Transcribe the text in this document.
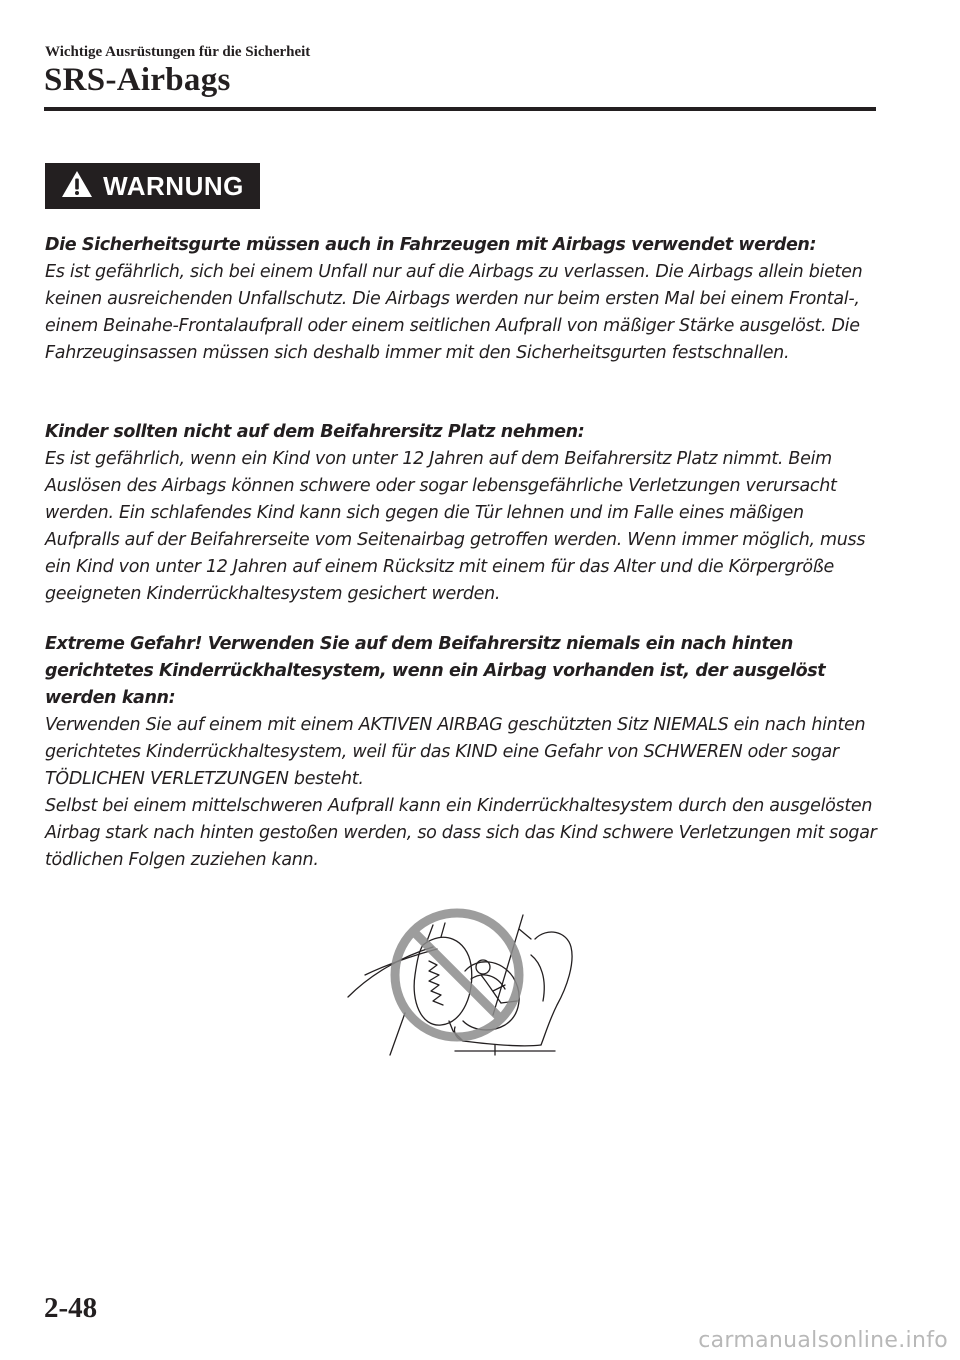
Wichtige Ausrüstungen für die Sicherheit
SRS-Airbags
WARNUNG

Die Sicherheitsgurte müssen auch in Fahrzeugen mit Airbags verwendet werden:

Es ist gefährlich, sich bei einem Unfall nur auf die Airbags zu verlassen. Die Airbags allein bieten keinen ausreichenden Unfallschutz. Die Airbags werden nur beim ersten Mal bei einem Frontal-, einem Beinahe-Frontalaufprall oder einem seitlichen Aufprall von mäßiger Stärke ausgelöst. Die Fahrzeuginsassen müssen sich deshalb immer mit den Sicherheitsgurten festschnallen.

Kinder sollten nicht auf dem Beifahrersitz Platz nehmen:

Es ist gefährlich, wenn ein Kind von unter 12 Jahren auf dem Beifahrersitz Platz nimmt. Beim Auslösen des Airbags können schwere oder sogar lebensgefährliche Verletzungen verursacht werden. Ein schlafendes Kind kann sich gegen die Tür lehnen und im Falle eines mäßigen Aufpralls auf der Beifahrerseite vom Seitenairbag getroffen werden. Wenn immer möglich, muss ein Kind von unter 12 Jahren auf einem Rücksitz mit einem für das Alter und die Körpergröße geeigneten Kinderrückhaltesystem gesichert werden.

Extreme Gefahr! Verwenden Sie auf dem Beifahrersitz niemals ein nach hinten gerichtetes Kinderrückhaltesystem, wenn ein Airbag vorhanden ist, der ausgelöst werden kann:

Verwenden Sie auf einem mit einem AKTIVEN AIRBAG geschützten Sitz NIEMALS ein nach hinten gerichtetes Kinderrückhaltesystem, weil für das KIND eine Gefahr von SCHWEREN oder sogar TÖDLICHEN VERLETZUNGEN besteht.

Selbst bei einem mittelschweren Aufprall kann ein Kinderrückhaltesystem durch den ausgelösten Airbag stark nach hinten gestoßen werden, so dass sich das Kind schwere Verletzungen mit sogar tödlichen Folgen zuziehen kann.

2-48
carmanualsonline.info
